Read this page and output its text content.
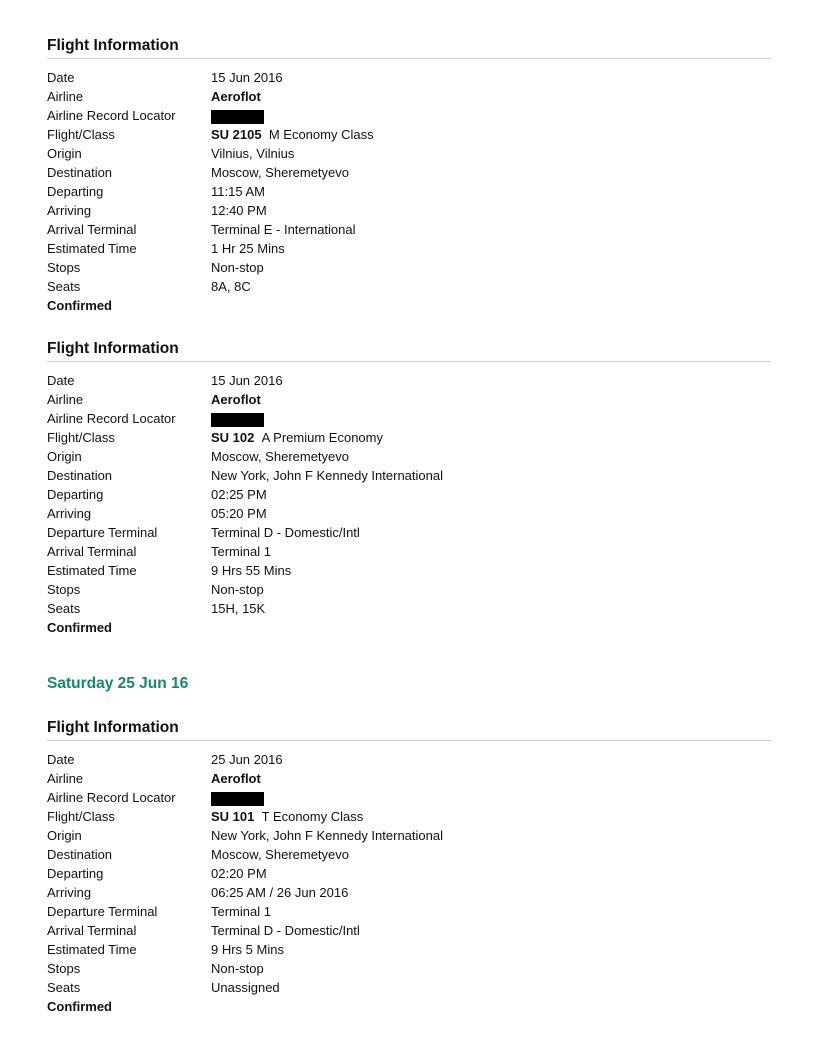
Flight Information
Date	15 Jun 2016
Airline	Aeroflot
Airline Record Locator	
Flight/Class	SU 2105 M Economy Class
Origin	Vilnius, Vilnius
Destination	Moscow, Sheremetyevo
Departing	11:15 AM
Arriving	12:40 PM
Arrival Terminal	Terminal E - International
Estimated Time	1 Hr 25 Mins
Stops	Non-stop
Seats	8A, 8C
Confirmed
Flight Information
Date	15 Jun 2016
Airline	Aeroflot
Airline Record Locator	
Flight/Class	SU 102 A Premium Economy
Origin	Moscow, Sheremetyevo
Destination	New York, John F Kennedy International
Departing	02:25 PM
Arriving	05:20 PM
Departure Terminal	Terminal D - Domestic/Intl
Arrival Terminal	Terminal 1
Estimated Time	9 Hrs 55 Mins
Stops	Non-stop
Seats	15H, 15K
Confirmed
Saturday 25 Jun 16
Flight Information
Date	25 Jun 2016
Airline	Aeroflot
Airline Record Locator	
Flight/Class	SU 101 T Economy Class
Origin	New York, John F Kennedy International
Destination	Moscow, Sheremetyevo
Departing	02:20 PM
Arriving	06:25 AM / 26 Jun 2016
Departure Terminal	Terminal 1
Arrival Terminal	Terminal D - Domestic/Intl
Estimated Time	9 Hrs 5 Mins
Stops	Non-stop
Seats	Unassigned
Confirmed
